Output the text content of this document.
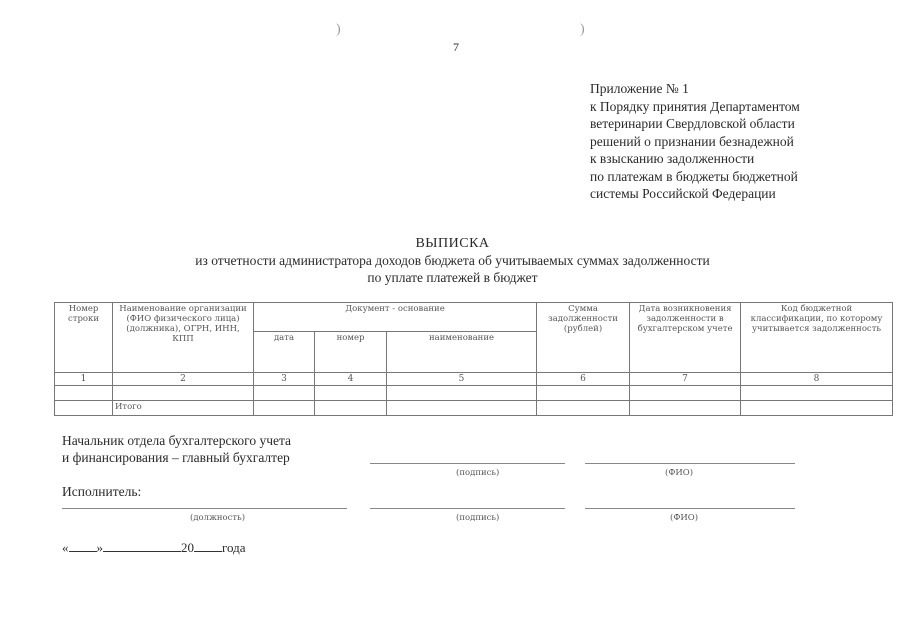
)	)
7
Приложение № 1
к Порядку принятия Департаментом
ветеринарии Свердловской области
решений о признании безнадежной
к взысканию задолженности
по платежам в бюджеты бюджетной
системы Российской Федерации
ВЫПИСКА
из отчетности администратора доходов бюджета об учитываемых суммах задолженности
по уплате платежей в бюджет
Номер строки	Наименование организации (ФИО физического лица) (должника), ОГРН, ИНН, КПП	Документ - основание			Сумма задолженности (рублей)	Дата возникновения задолженности в бухгалтерском учете	Код бюджетной классификации, по которому учитывается задолженность
		дата	номер	наименование			
1	2	3	4	5	6	7	8

	Итого						
Начальник отдела бухгалтерского учета
и финансирования – главный бухгалтер
(подпись)	(ФИО)
Исполнитель:
(должность)	(подпись)	(ФИО)
« »	20 года
